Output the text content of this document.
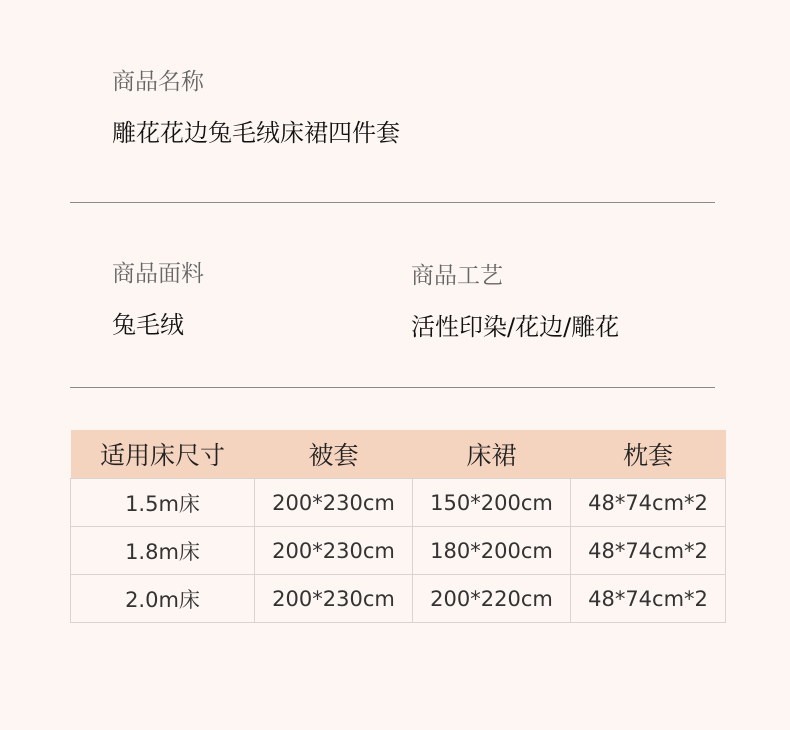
商品名称
雕花花边兔毛绒床裙四件套
商品面料
兔毛绒
商品工艺
活性印染/花边/雕花
适用床尺寸	被套	床裙	枕套
1.5m床	200*230cm	150*200cm	48*74cm*2
1.8m床	200*230cm	180*200cm	48*74cm*2
2.0m床	200*230cm	200*220cm	48*74cm*2
